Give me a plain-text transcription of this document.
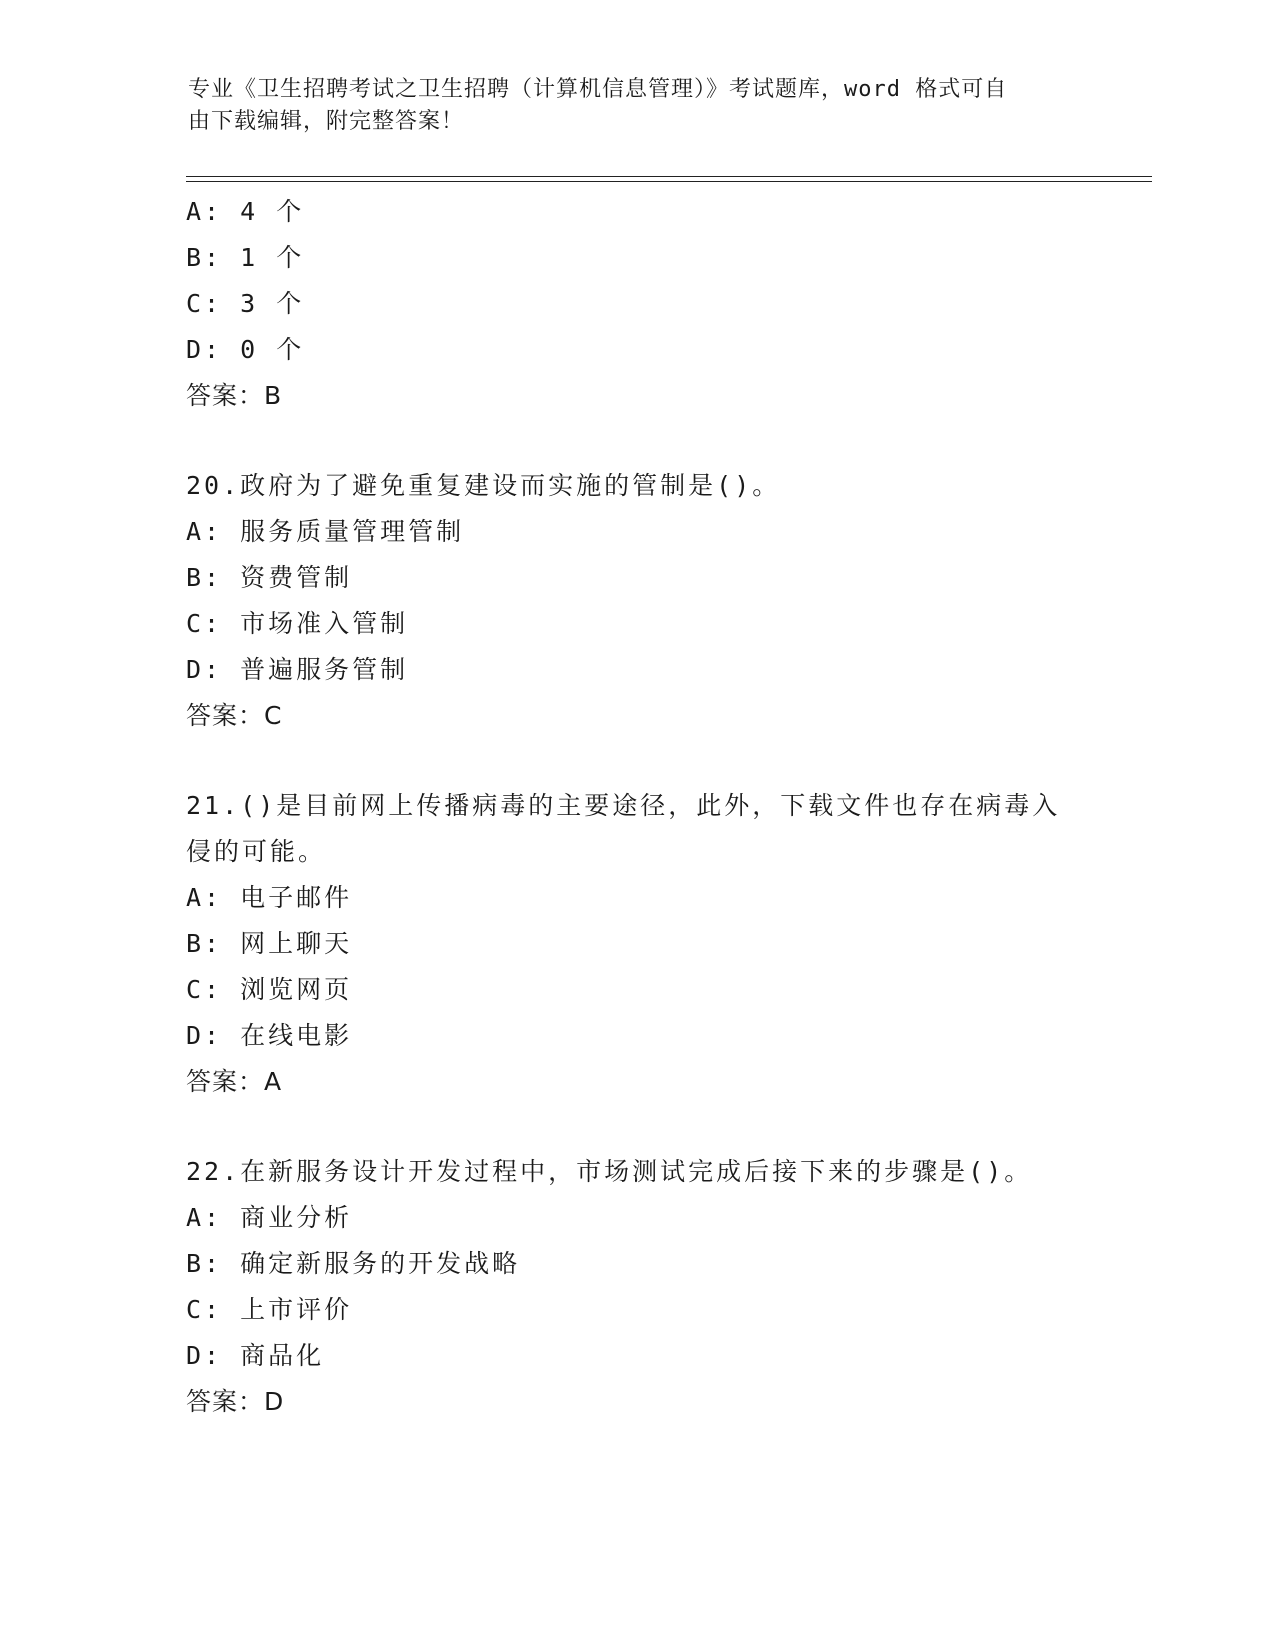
专业《卫生招聘考试之卫生招聘（计算机信息管理）》考试题库，word 格式可自
由下载编辑，附完整答案！
A: 4 个
B: 1 个
C: 3 个
D: 0 个
答案：B
20.政府为了避免重复建设而实施的管制是()。
A: 服务质量管理管制
B: 资费管制
C: 市场准入管制
D: 普遍服务管制
答案：C
21.()是目前网上传播病毒的主要途径，此外，下载文件也存在病毒入
侵的可能。
A: 电子邮件
B: 网上聊天
C: 浏览网页
D: 在线电影
答案：A
22.在新服务设计开发过程中，市场测试完成后接下来的步骤是()。
A: 商业分析
B: 确定新服务的开发战略
C: 上市评价
D: 商品化
答案：D
